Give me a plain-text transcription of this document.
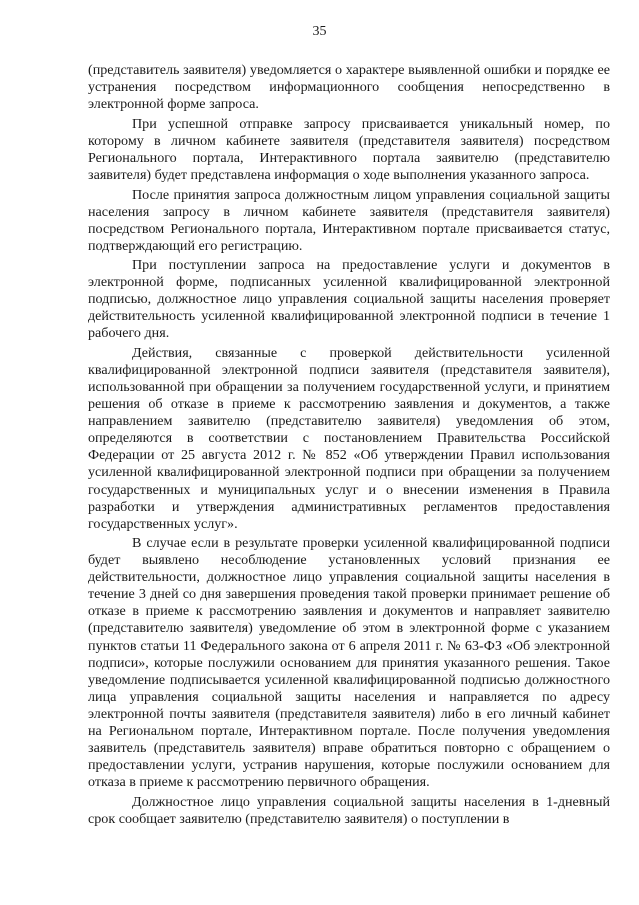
35

(представитель заявителя) уведомляется о характере выявленной ошибки и порядке ее устранения посредством информационного сообщения непосредственно в электронной форме запроса.

При успешной отправке запросу присваивается уникальный номер, по которому в личном кабинете заявителя (представителя заявителя) посредством Регионального портала, Интерактивного портала заявителю (представителю заявителя) будет представлена информация о ходе выполнения указанного запроса.

После принятия запроса должностным лицом управления социальной защиты населения запросу в личном кабинете заявителя (представителя заявителя) посредством Регионального портала, Интерактивном портале присваивается статус, подтверждающий его регистрацию.

При поступлении запроса на предоставление услуги и документов в электронной форме, подписанных усиленной квалифицированной электронной подписью, должностное лицо управления социальной защиты населения проверяет действительность усиленной квалифицированной электронной подписи в течение 1 рабочего дня.

Действия, связанные с проверкой действительности усиленной квалифицированной электронной подписи заявителя (представителя заявителя), использованной при обращении за получением государственной услуги, и принятием решения об отказе в приеме к рассмотрению заявления и документов, а также направлением заявителю (представителю заявителя) уведомления об этом, определяются в соответствии с постановлением Правительства Российской Федерации от 25 августа 2012 г. № 852 «Об утверждении Правил использования усиленной квалифицированной электронной подписи при обращении за получением государственных и муниципальных услуг и о внесении изменения в Правила разработки и утверждения административных регламентов предоставления государственных услуг».

В случае если в результате проверки усиленной квалифицированной подписи будет выявлено несоблюдение установленных условий признания ее действительности, должностное лицо управления социальной защиты населения в течение 3 дней со дня завершения проведения такой проверки принимает решение об отказе в приеме к рассмотрению заявления и документов и направляет заявителю (представителю заявителя) уведомление об этом в электронной форме с указанием пунктов статьи 11 Федерального закона от 6 апреля 2011 г. № 63-ФЗ «Об электронной подписи», которые послужили основанием для принятия указанного решения. Такое уведомление подписывается усиленной квалифицированной подписью должностного лица управления социальной защиты населения и направляется по адресу электронной почты заявителя (представителя заявителя) либо в его личный кабинет на Региональном портале, Интерактивном портале. После получения уведомления заявитель (представитель заявителя) вправе обратиться повторно с обращением о предоставлении услуги, устранив нарушения, которые послужили основанием для отказа в приеме к рассмотрению первичного обращения.

Должностное лицо управления социальной защиты населения в 1-дневный срок сообщает заявителю (представителю заявителя) о поступлении в
